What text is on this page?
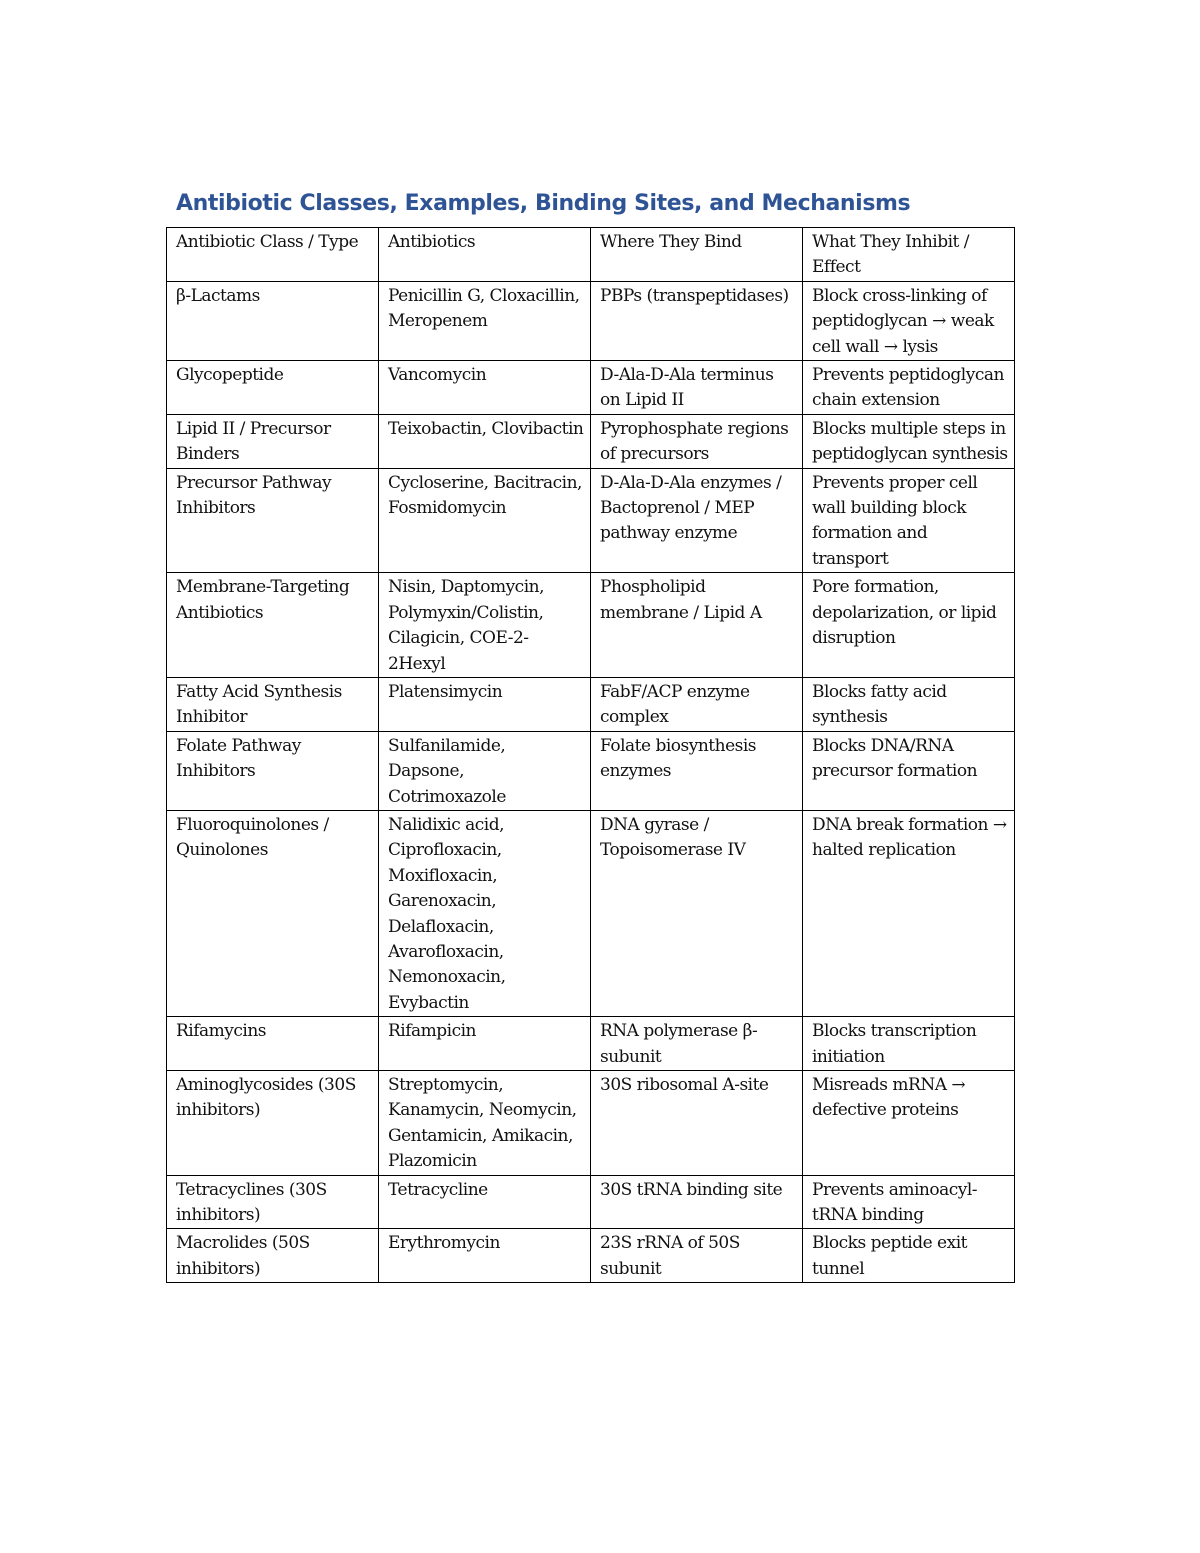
Antibiotic Classes, Examples, Binding Sites, and Mechanisms
Antibiotic Class / Type	Antibiotics	Where They Bind	What They Inhibit / Effect
β-Lactams	Penicillin G, Cloxacillin, Meropenem	PBPs (transpeptidases)	Block cross-linking of peptidoglycan → weak cell wall → lysis
Glycopeptide	Vancomycin	D-Ala-D-Ala terminus on Lipid II	Prevents peptidoglycan chain extension
Lipid II / Precursor Binders	Teixobactin, Clovibactin	Pyrophosphate regions of precursors	Blocks multiple steps in peptidoglycan synthesis
Precursor Pathway Inhibitors	Cycloserine, Bacitracin, Fosmidomycin	D-Ala-D-Ala enzymes / Bactoprenol / MEP pathway enzyme	Prevents proper cell wall building block formation and transport
Membrane-Targeting Antibiotics	Nisin, Daptomycin, Polymyxin/Colistin, Cilagicin, COE-2-2Hexyl	Phospholipid membrane / Lipid A	Pore formation, depolarization, or lipid disruption
Fatty Acid Synthesis Inhibitor	Platensimycin	FabF/ACP enzyme complex	Blocks fatty acid synthesis
Folate Pathway Inhibitors	Sulfanilamide, Dapsone, Cotrimoxazole	Folate biosynthesis enzymes	Blocks DNA/RNA precursor formation
Fluoroquinolones / Quinolones	Nalidixic acid, Ciprofloxacin, Moxifloxacin, Garenoxacin, Delafloxacin, Avarofloxacin, Nemonoxacin, Evybactin	DNA gyrase / Topoisomerase IV	DNA break formation → halted replication
Rifamycins	Rifampicin	RNA polymerase β-subunit	Blocks transcription initiation
Aminoglycosides (30S inhibitors)	Streptomycin, Kanamycin, Neomycin, Gentamicin, Amikacin, Plazomicin	30S ribosomal A-site	Misreads mRNA → defective proteins
Tetracyclines (30S inhibitors)	Tetracycline	30S tRNA binding site	Prevents aminoacyl-tRNA binding
Macrolides (50S inhibitors)	Erythromycin	23S rRNA of 50S subunit	Blocks peptide exit tunnel
